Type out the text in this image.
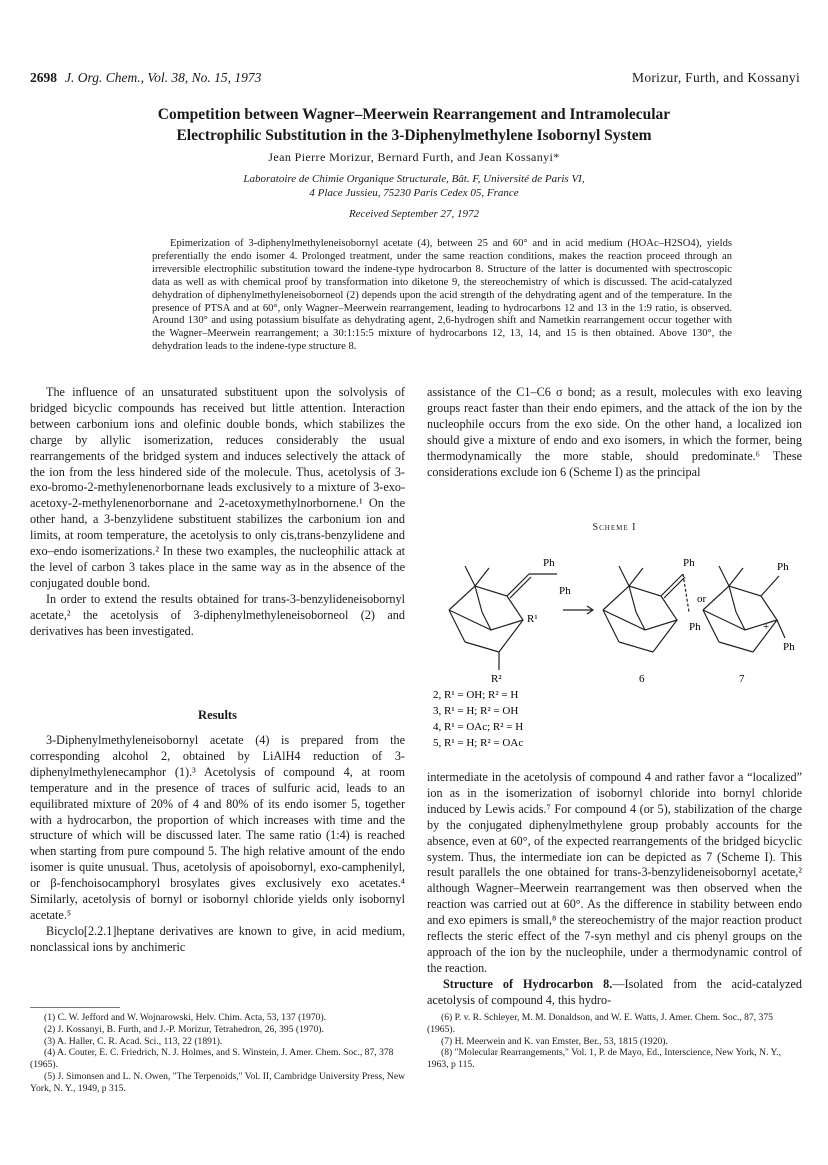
2698 J. Org. Chem., Vol. 38, No. 15, 1973	Morizur, Furth, and Kossanyi
Competition between Wagner–Meerwein Rearrangement and Intramolecular
Electrophilic Substitution in the 3-Diphenylmethylene Isobornyl System
Jean Pierre Morizur, Bernard Furth, and Jean Kossanyi*
Laboratoire de Chimie Organique Structurale, Bât. F, Université de Paris VI,
4 Place Jussieu, 75230 Paris Cedex 05, France
Received September 27, 1972
Epimerization of 3-diphenylmethyleneisobornyl acetate (4), between 25 and 60° and in acid medium (HOAc–H2SO4), yields preferentially the endo isomer 4. Prolonged treatment, under the same reaction conditions, makes the reaction proceed through an irreversible electrophilic substitution toward the indene-type hydrocarbon 8. Structure of the latter is documented with spectroscopic data as well as with chemical proof by transformation into diketone 9, the stereochemistry of which is discussed. The acid-catalyzed dehydration of diphenylmethyleneisoborneol (2) depends upon the acid strength of the dehydrating agent and of the temperature. In the presence of PTSA and at 60°, only Wagner–Meerwein rearrangement, leading to hydrocarbons 12 and 13 in the 1:9 ratio, is observed. Around 130° and using potassium bisulfate as dehydrating agent, 2,6-hydrogen shift and Nametkin rearrangement occur together with the Wagner–Meerwein rearrangement; a 30:1:15:5 mixture of hydrocarbons 12, 13, 14, and 15 is then obtained. Above 130°, the dehydration leads to the indene-type structure 8.

The influence of an unsaturated substituent upon the solvolysis of bridged bicyclic compounds has received but little attention. Interaction between carbonium ions and olefinic double bonds, which stabilizes the charge by allylic isomerization, reduces considerably the usual rearrangements of the bridged system and induces selectively the attack of the ion from the less hindered side of the molecule. Thus, acetolysis of 3-exo-bromo-2-methylenenorbornane leads exclusively to a mixture of 3-exo-acetoxy-2-methylenenorbornane and 2-acetoxymethylnorbornene.¹ On the other hand, a 3-benzylidene substituent stabilizes the carbonium ion and limits, at room temperature, the acetolysis to only cis,trans-benzylidene and exo–endo isomerizations.² In these two examples, the nucleophilic attack at the level of carbon 3 takes place in the same way as in the absence of the conjugated double bond.

In order to extend the results obtained for trans-3-benzylideneisobornyl acetate,² the acetolysis of 3-diphenylmethyleneisoborneol (2) and derivatives has been investigated.

Results

3-Diphenylmethyleneisobornyl acetate (4) is prepared from the corresponding alcohol 2, obtained by LiAlH4 reduction of 3-diphenylmethylenecamphor (1).³ Acetolysis of compound 4, at room temperature and in the presence of traces of sulfuric acid, leads to an equilibrated mixture of 20% of 4 and 80% of its endo isomer 5, together with a hydrocarbon, the proportion of which increases with time and the structure of which will be discussed later. The same ratio (1:4) is reached when starting from pure compound 5. The high relative amount of the endo isomer is quite unusual. Thus, acetolysis of apoisobornyl, exo-camphenilyl, or β-fenchoisocamphoryl brosylates gives exclusively exo acetates.⁴ Similarly, acetolysis of bornyl or isobornyl chloride yields only isobornyl acetate.⁵

Bicyclo[2.2.1]heptane derivatives are known to give, in acid medium, nonclassical ions by anchimeric

assistance of the C1–C6 σ bond; as a result, molecules with exo leaving groups react faster than their endo epimers, and the attack of the ion by the nucleophile occurs from the exo side. On the other hand, a localized ion should give a mixture of endo and exo isomers, in which the former, being thermodynamically the more stable, should predominate.⁶ These considerations exclude ion 6 (Scheme I) as the principal

Scheme I
Ph
Ph
R¹
R²
Ph
Ph
6
or
Ph
Ph
+
7
2, R¹ = OH; R² = H
3, R¹ = H; R² = OH
4, R¹ = OAc; R² = H
5, R¹ = H; R² = OAc

intermediate in the acetolysis of compound 4 and rather favor a “localized” ion as in the isomerization of isobornyl chloride into bornyl chloride induced by Lewis acids.⁷ For compound 4 (or 5), stabilization of the charge by the conjugated diphenylmethylene group probably accounts for the absence, even at 60°, of the expected rearrangements of the bridged bicyclic system. Thus, the intermediate ion can be depicted as 7 (Scheme I). This result parallels the one obtained for trans-3-benzylideneisobornyl acetate,² although Wagner–Meerwein rearrangement was then observed when the reaction was carried out at 60°. As the difference in stability between endo and exo epimers is small,⁸ the stereochemistry of the major reaction product reflects the steric effect of the 7-syn methyl and cis phenyl groups on the approach of the ion by the nucleophile, under a thermodynamic control of the reaction.

Structure of Hydrocarbon 8.—Isolated from the acid-catalyzed acetolysis of compound 4, this hydro-

(1) C. W. Jefford and W. Wojnarowski, Helv. Chim. Acta, 53, 137 (1970).

(2) J. Kossanyi, B. Furth, and J.-P. Morizur, Tetrahedron, 26, 395 (1970).

(3) A. Haller, C. R. Acad. Sci., 113, 22 (1891).

(4) A. Couter, E. C. Friedrich, N. J. Holmes, and S. Winstein, J. Amer. Chem. Soc., 87, 378 (1965).

(5) J. Simonsen and L. N. Owen, "The Terpenoids," Vol. II, Cambridge University Press, New York, N. Y., 1949, p 315.

(6) P. v. R. Schleyer, M. M. Donaldson, and W. E. Watts, J. Amer. Chem. Soc., 87, 375 (1965).

(7) H. Meerwein and K. van Emster, Ber., 53, 1815 (1920).

(8) "Molecular Rearrangements," Vol. 1, P. de Mayo, Ed., Interscience, New York, N. Y., 1963, p 115.
